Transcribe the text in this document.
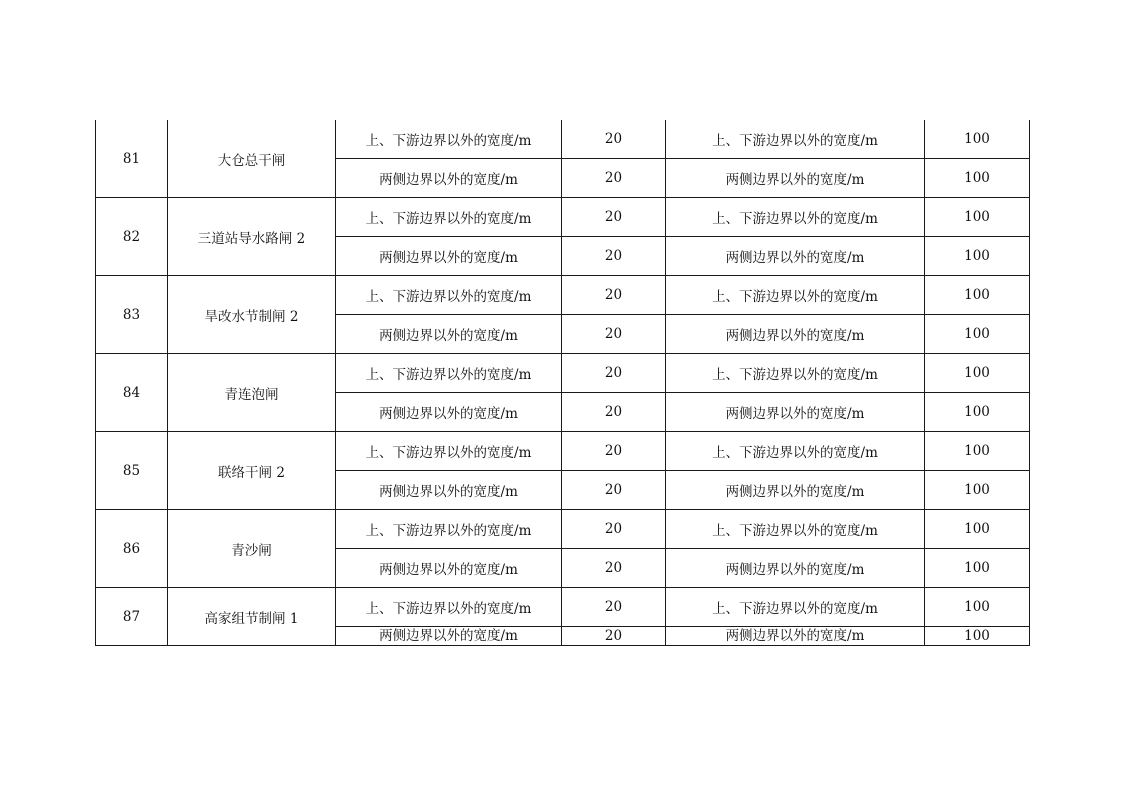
81	大仓总干闸	上、下游边界以外的宽度/m	20	上、下游边界以外的宽度/m	100
		两侧边界以外的宽度/m	20	两侧边界以外的宽度/m	100
82	三道站导水路闸 2	上、下游边界以外的宽度/m	20	上、下游边界以外的宽度/m	100
		两侧边界以外的宽度/m	20	两侧边界以外的宽度/m	100
83	旱改水节制闸 2	上、下游边界以外的宽度/m	20	上、下游边界以外的宽度/m	100
		两侧边界以外的宽度/m	20	两侧边界以外的宽度/m	100
84	青连泡闸	上、下游边界以外的宽度/m	20	上、下游边界以外的宽度/m	100
		两侧边界以外的宽度/m	20	两侧边界以外的宽度/m	100
85	联络干闸 2	上、下游边界以外的宽度/m	20	上、下游边界以外的宽度/m	100
		两侧边界以外的宽度/m	20	两侧边界以外的宽度/m	100
86	青沙闸	上、下游边界以外的宽度/m	20	上、下游边界以外的宽度/m	100
		两侧边界以外的宽度/m	20	两侧边界以外的宽度/m	100
87	高家组节制闸 1	上、下游边界以外的宽度/m	20	上、下游边界以外的宽度/m	100
		两侧边界以外的宽度/m	20	两侧边界以外的宽度/m	100
